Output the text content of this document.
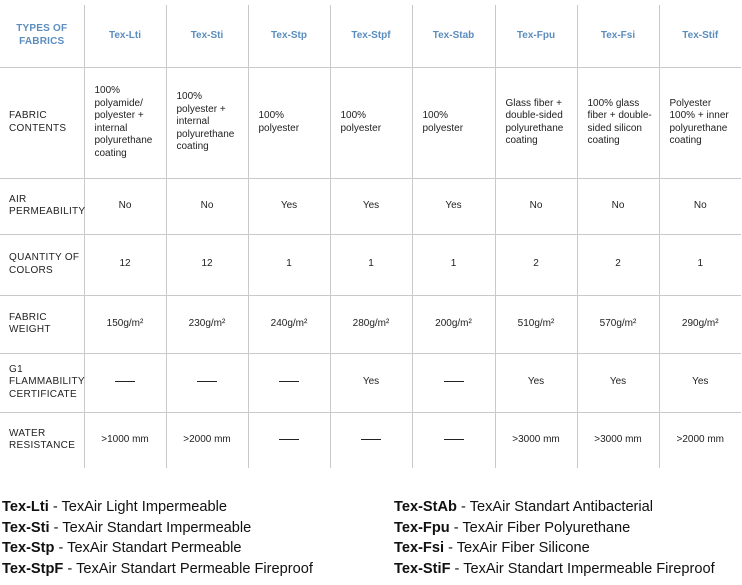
TYPES OF FABRICS	Tex-Lti	Tex-Sti	Tex-Stp	Tex-Stpf	Tex-Stab	Tex-Fpu	Tex-Fsi	Tex-Stif
FABRIC CONTENTS	100% polyamide/ polyester + internal polyurethane coating	100% polyester + internal polyurethane coating	100% polyester	100% polyester	100% polyester	Glass fiber + double-sided polyurethane coating	100% glass fiber + double-sided silicon coating	Polyester 100% + inner polyurethane coating
AIR PERMEABILITY	No	No	Yes	Yes	Yes	No	No	No
QUANTITY OF COLORS	12	12	1	1	1	2	2	1
FABRIC WEIGHT	150g/m²	230g/m²	240g/m²	280g/m²	200g/m²	510g/m²	570g/m²	290g/m²
G1 FLAMMABILITY CERTIFICATE				Yes		Yes	Yes	Yes
WATER RESISTANCE	>1000 mm	>2000 mm				>3000 mm	>3000 mm	>2000 mm
Tex-Lti - TexAir Light Impermeable
Tex-Sti - TexAir Standart Impermeable
Tex-Stp - TexAir Standart Permeable
Tex-StpF - TexAir Standart Permeable Fireproof
Tex-StAb - TexAir Standart Antibacterial
Tex-Fpu - TexAir Fiber Polyurethane
Tex-Fsi - TexAir Fiber Silicone
Tex-StiF - TexAir Standart Impermeable Fireproof
